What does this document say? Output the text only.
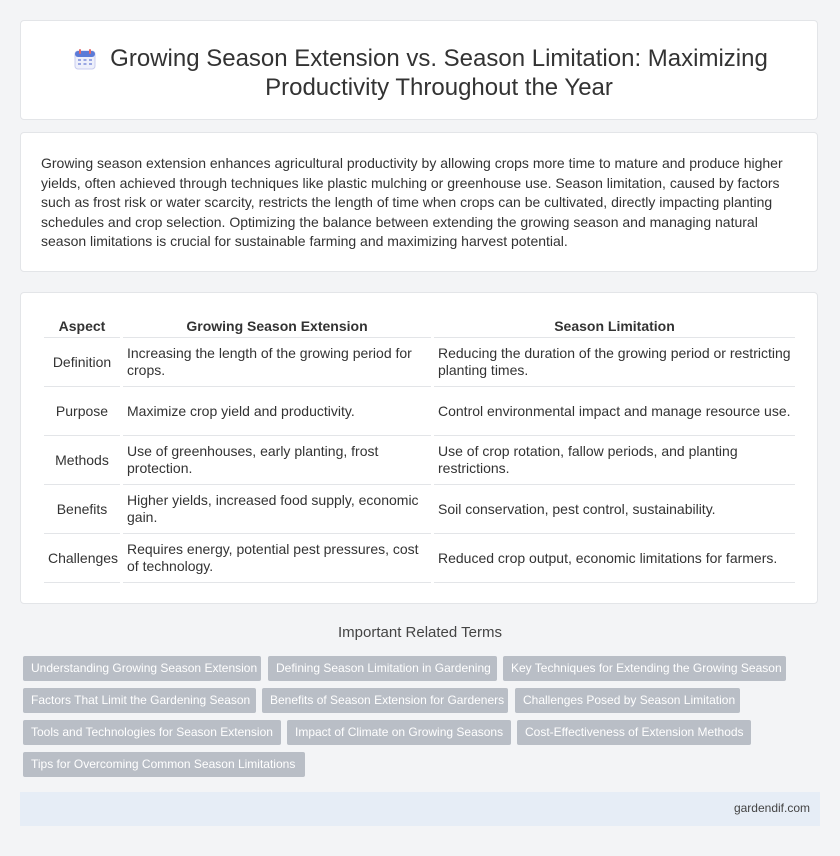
Growing Season Extension vs. Season Limitation: Maximizing Productivity Throughout the Year

Growing season extension enhances agricultural productivity by allowing crops more time to mature and produce higher yields, often achieved through techniques like plastic mulching or greenhouse use. Season limitation, caused by factors such as frost risk or water scarcity, restricts the length of time when crops can be cultivated, directly impacting planting schedules and crop selection. Optimizing the balance between extending the growing season and managing natural season limitations is crucial for sustainable farming and maximizing harvest potential.

Aspect	Growing Season Extension	Season Limitation
Definition	Increasing the length of the growing period for crops.	Reducing the duration of the growing period or restricting planting times.
Purpose	Maximize crop yield and productivity.	Control environmental impact and manage resource use.
Methods	Use of greenhouses, early planting, frost protection.	Use of crop rotation, fallow periods, and planting restrictions.
Benefits	Higher yields, increased food supply, economic gain.	Soil conservation, pest control, sustainability.
Challenges	Requires energy, potential pest pressures, cost of technology.	Reduced crop output, economic limitations for farmers.
Important Related Terms
Understanding Growing Season Extension	Defining Season Limitation in Gardening	Key Techniques for Extending the Growing Season
Factors That Limit the Gardening Season	Benefits of Season Extension for Gardeners	Challenges Posed by Season Limitation
Tools and Technologies for Season Extension	Impact of Climate on Growing Seasons	Cost-Effectiveness of Extension Methods
Tips for Overcoming Common Season Limitations
gardendif.com
